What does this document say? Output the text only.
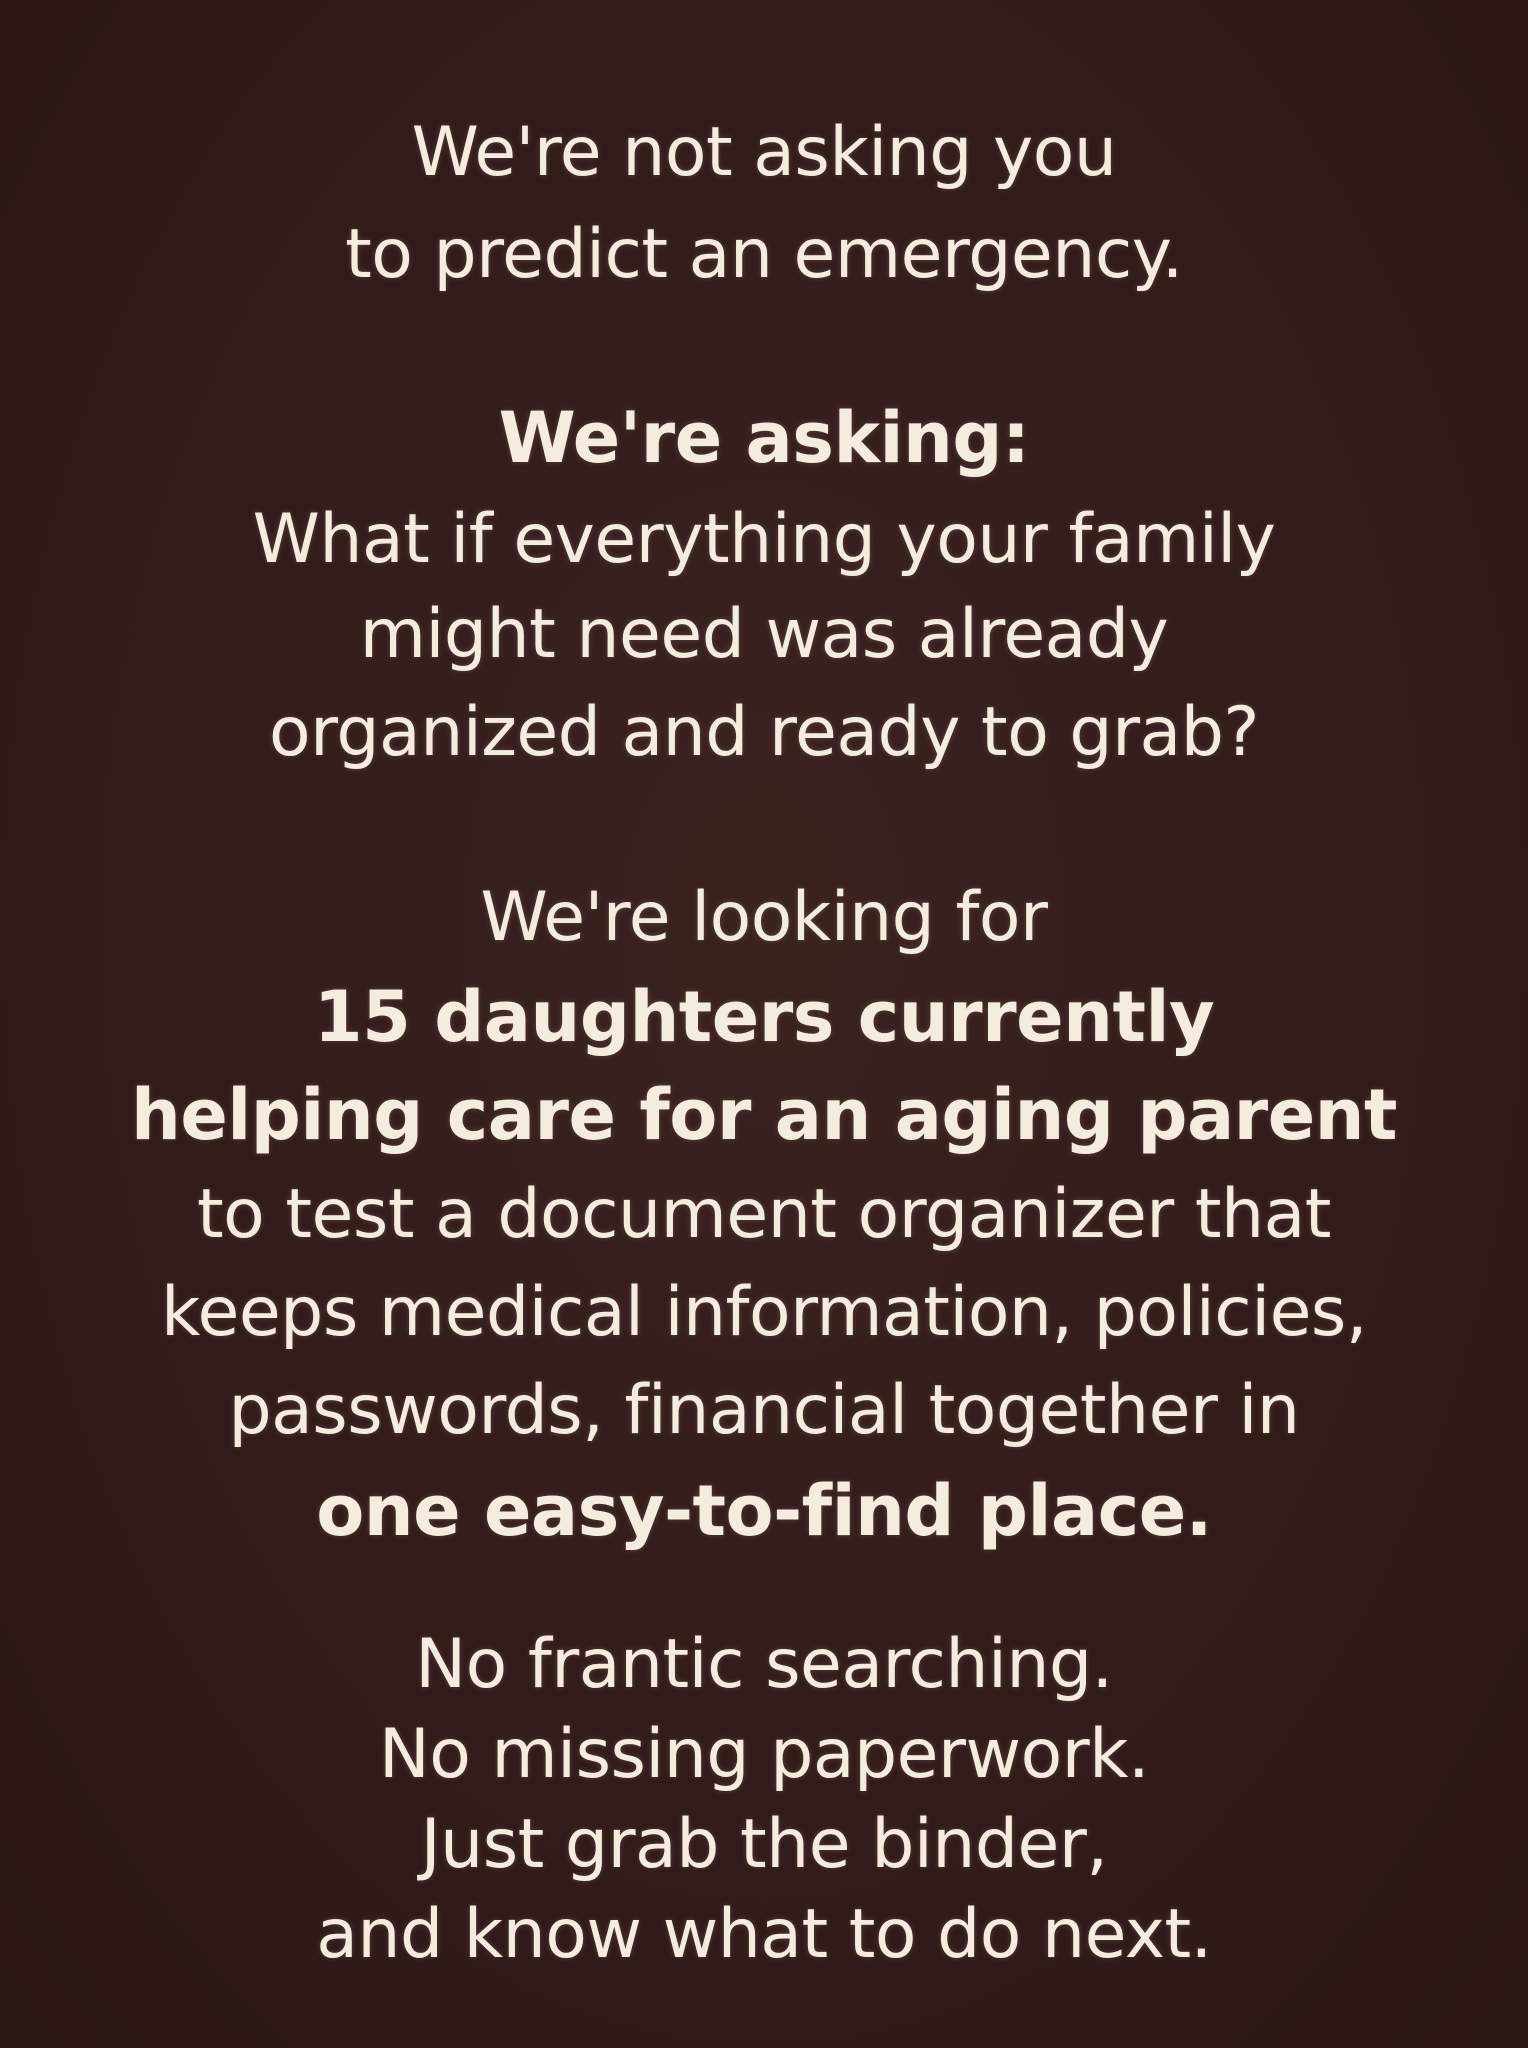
We're not asking you
to predict an emergency.
We're asking:
What if everything your family
might need was already
organized and ready to grab?
We're looking for
15 daughters currently
helping care for an aging parent
to test a document organizer that
keeps medical information, policies,
passwords, financial together in
one easy-to-find place.
No frantic searching.
No missing paperwork.
Just grab the binder,
and know what to do next.
